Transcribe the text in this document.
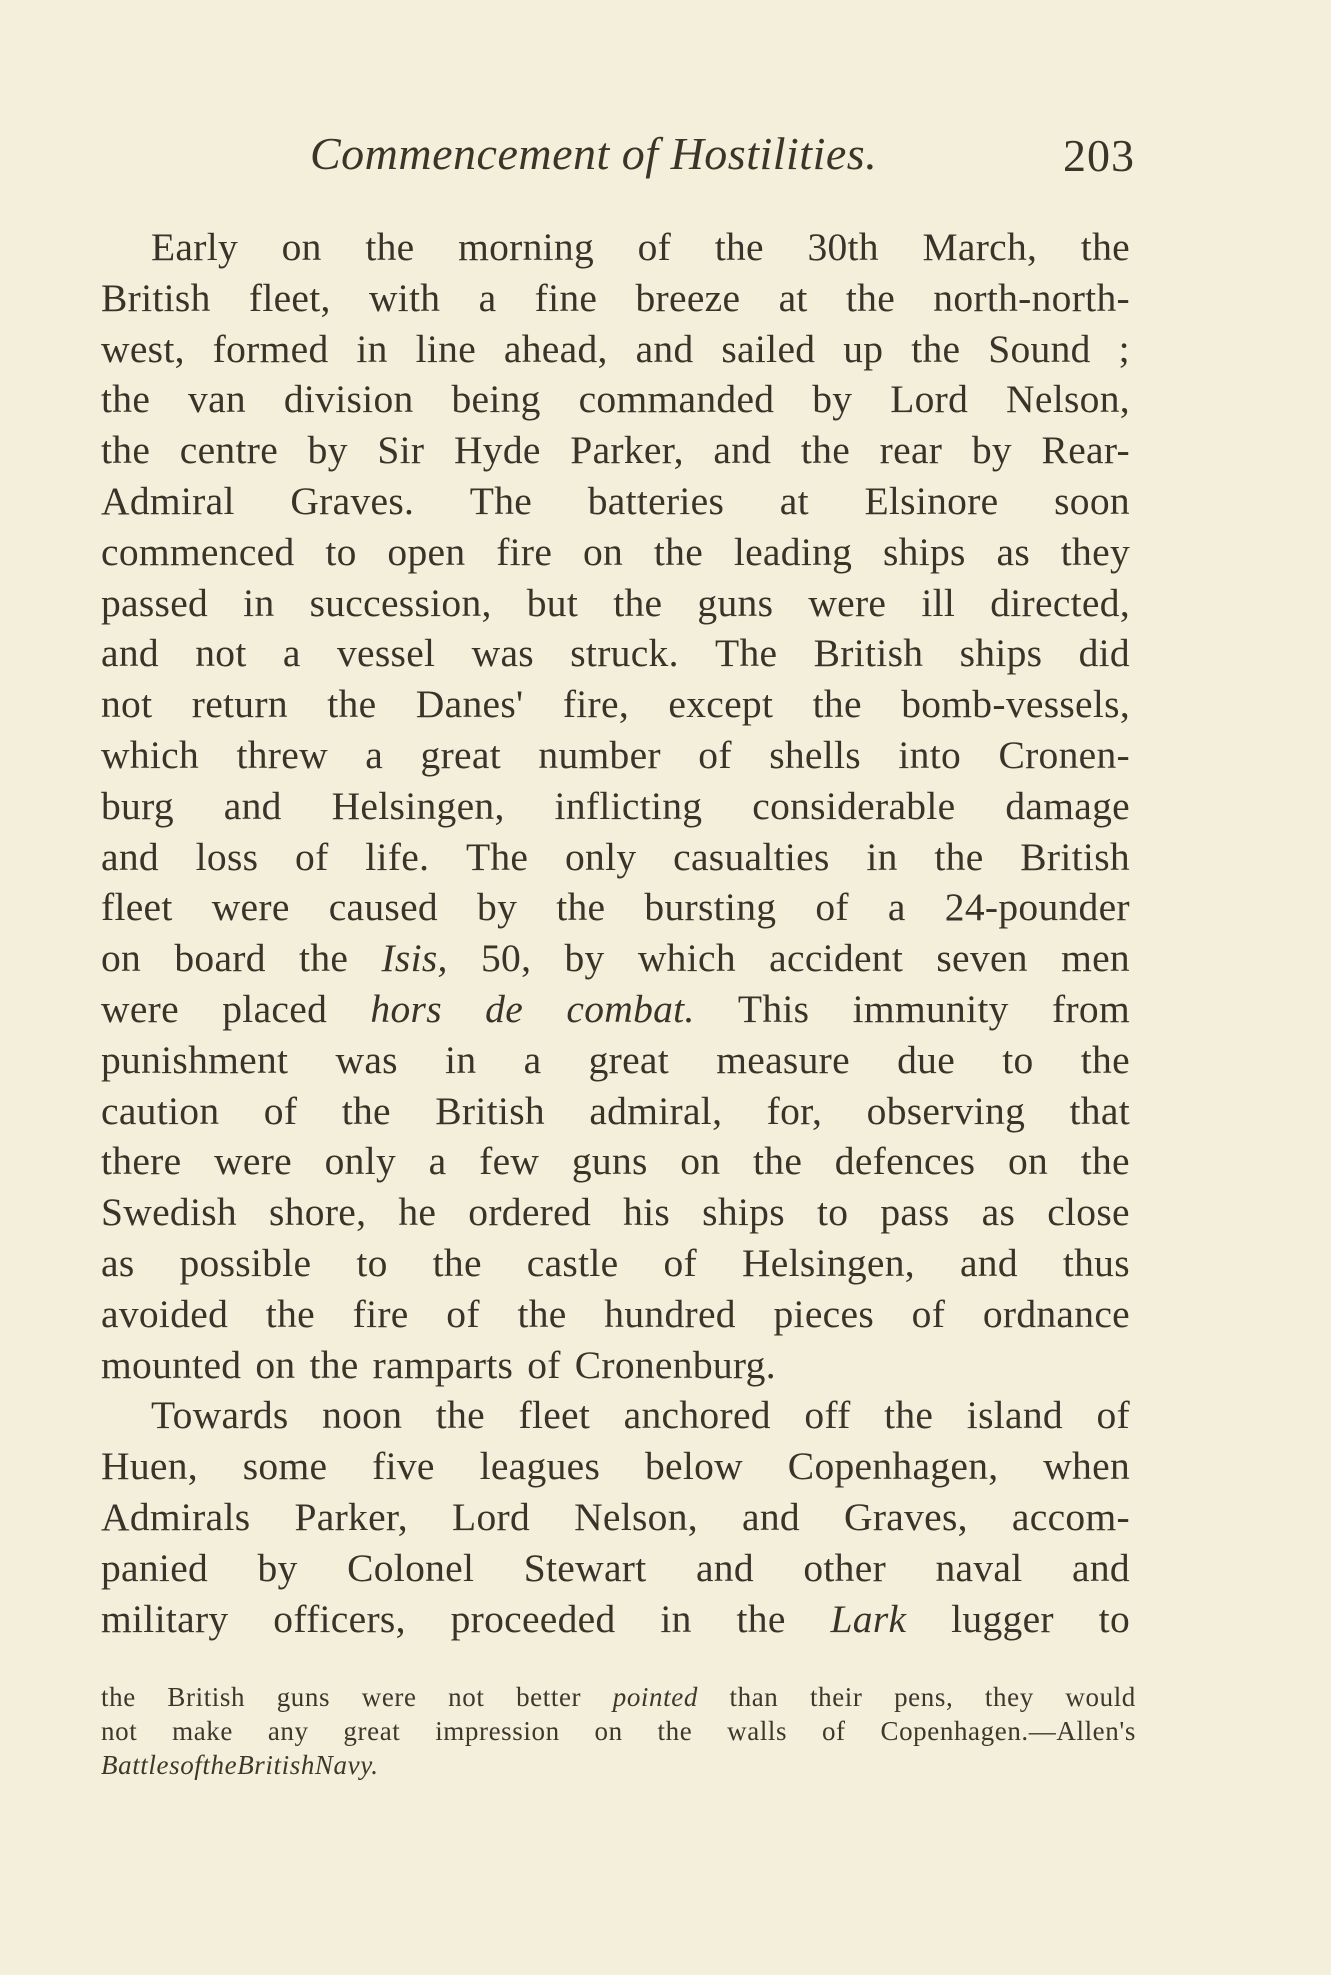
Commencement of Hostilities.	203
Early on the morning of the 30th March, the
British fleet, with a fine breeze at the north-north-
west, formed in line ahead, and sailed up the Sound ;
the van division being commanded by Lord Nelson,
the centre by Sir Hyde Parker, and the rear by Rear-
Admiral Graves. The batteries at Elsinore soon
commenced to open fire on the leading ships as they
passed in succession, but the guns were ill directed,
and not a vessel was struck. The British ships did
not return the Danes' fire, except the bomb-vessels,
which threw a great number of shells into Cronen-
burg and Helsingen, inflicting considerable damage
and loss of life. The only casualties in the British
fleet were caused by the bursting of a 24-pounder
on board the Isis, 50, by which accident seven men
were placed hors de combat. This immunity from
punishment was in a great measure due to the
caution of the British admiral, for, observing that
there were only a few guns on the defences on the
Swedish shore, he ordered his ships to pass as close
as possible to the castle of Helsingen, and thus
avoided the fire of the hundred pieces of ordnance
mounted on the ramparts of Cronenburg.
Towards noon the fleet anchored off the island of
Huen, some five leagues below Copenhagen, when
Admirals Parker, Lord Nelson, and Graves, accom-
panied by Colonel Stewart and other naval and
military officers, proceeded in the Lark lugger to
the British guns were not better pointed than their pens, they would
not make any great impression on the walls of Copenhagen.—Allen's
Battles of the British Navy.
